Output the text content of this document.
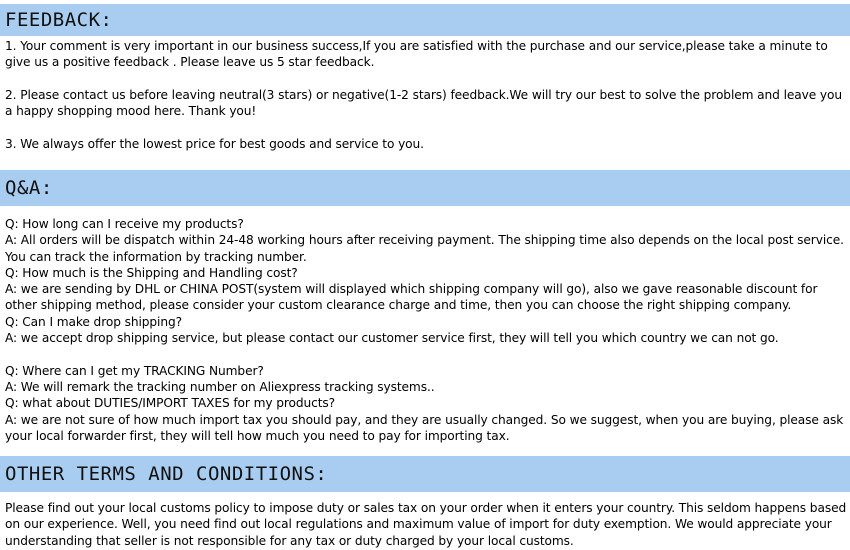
FEEDBACK:

1. Your comment is very important in our business success,If you are satisfied with the purchase and our service,please take a minute to give us a positive feedback . Please leave us 5 star feedback.

2. Please contact us before leaving neutral(3 stars) or negative(1-2 stars) feedback.We will try our best to solve the problem and leave you a happy shopping mood here. Thank you!

3. We always offer the lowest price for best goods and service to you.

Q&A:

Q: How long can I receive my products?

A: All orders will be dispatch within 24-48 working hours after receiving payment. The shipping time also depends on the local post service. You can track the information by tracking number.

Q: How much is the Shipping and Handling cost?

A: we are sending by DHL or CHINA POST(system will displayed which shipping company will go), also we gave reasonable discount for other shipping method, please consider your custom clearance charge and time, then you can choose the right shipping company.

Q: Can I make drop shipping?

A: we accept drop shipping service, but please contact our customer service first, they will tell you which country we can not go.

Q: Where can I get my TRACKING Number?

A: We will remark the tracking number on Aliexpress tracking systems..

Q: what about DUTIES/IMPORT TAXES for my products?

A: we are not sure of how much import tax you should pay, and they are usually changed. So we suggest, when you are buying, please ask your local forwarder first, they will tell how much you need to pay for importing tax.

OTHER TERMS AND CONDITIONS:

Please find out your local customs policy to impose duty or sales tax on your order when it enters your country. This seldom happens based on our experience. Well, you need find out local regulations and maximum value of import for duty exemption. We would appreciate your understanding that seller is not responsible for any tax or duty charged by your local customs.
